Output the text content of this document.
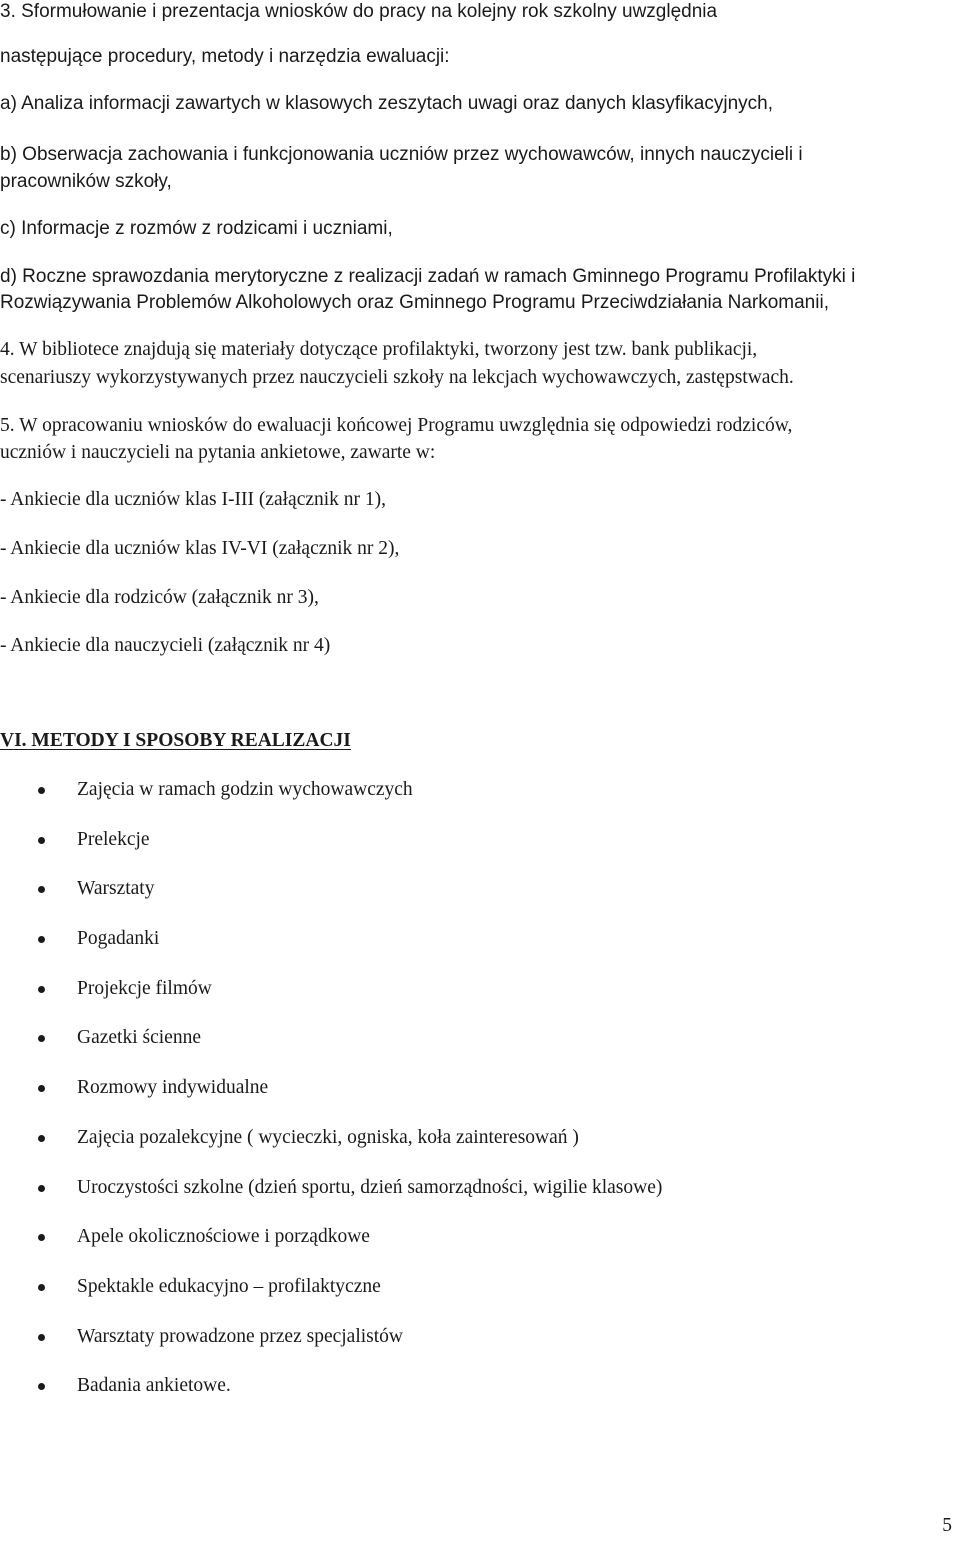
3. Sformułowanie i prezentacja wniosków do pracy na kolejny rok szkolny uwzględnia
następujące procedury, metody i narzędzia ewaluacji:
a) Analiza informacji zawartych w klasowych zeszytach uwagi oraz danych klasyfikacyjnych,
b) Obserwacja zachowania i funkcjonowania uczniów przez wychowawców, innych nauczycieli i
pracowników szkoły,
c) Informacje z rozmów z rodzicami i uczniami,
d) Roczne sprawozdania merytoryczne z realizacji zadań w ramach Gminnego Programu Profilaktyki i
Rozwiązywania Problemów Alkoholowych oraz Gminnego Programu Przeciwdziałania Narkomanii,
4. W bibliotece znajdują się materiały dotyczące profilaktyki, tworzony jest tzw. bank publikacji,
scenariuszy wykorzystywanych przez nauczycieli szkoły na lekcjach wychowawczych, zastępstwach.
5. W opracowaniu wniosków do ewaluacji końcowej Programu uwzględnia się odpowiedzi rodziców,
uczniów i nauczycieli na pytania ankietowe, zawarte w:
- Ankiecie dla uczniów klas I-III (załącznik nr 1),
- Ankiecie dla uczniów klas IV-VI (załącznik nr 2),
- Ankiecie dla rodziców (załącznik nr 3),
- Ankiecie dla nauczycieli (załącznik nr 4)
VI. METODY I SPOSOBY REALIZACJI
Zajęcia w ramach godzin wychowawczych
Prelekcje
Warsztaty
Pogadanki
Projekcje filmów
Gazetki ścienne
Rozmowy indywidualne
Zajęcia pozalekcyjne ( wycieczki, ogniska, koła zainteresowań )
Uroczystości szkolne (dzień sportu, dzień samorządności, wigilie klasowe)
Apele okolicznościowe i porządkowe
Spektakle edukacyjno – profilaktyczne
Warsztaty prowadzone przez specjalistów
Badania ankietowe.
5
